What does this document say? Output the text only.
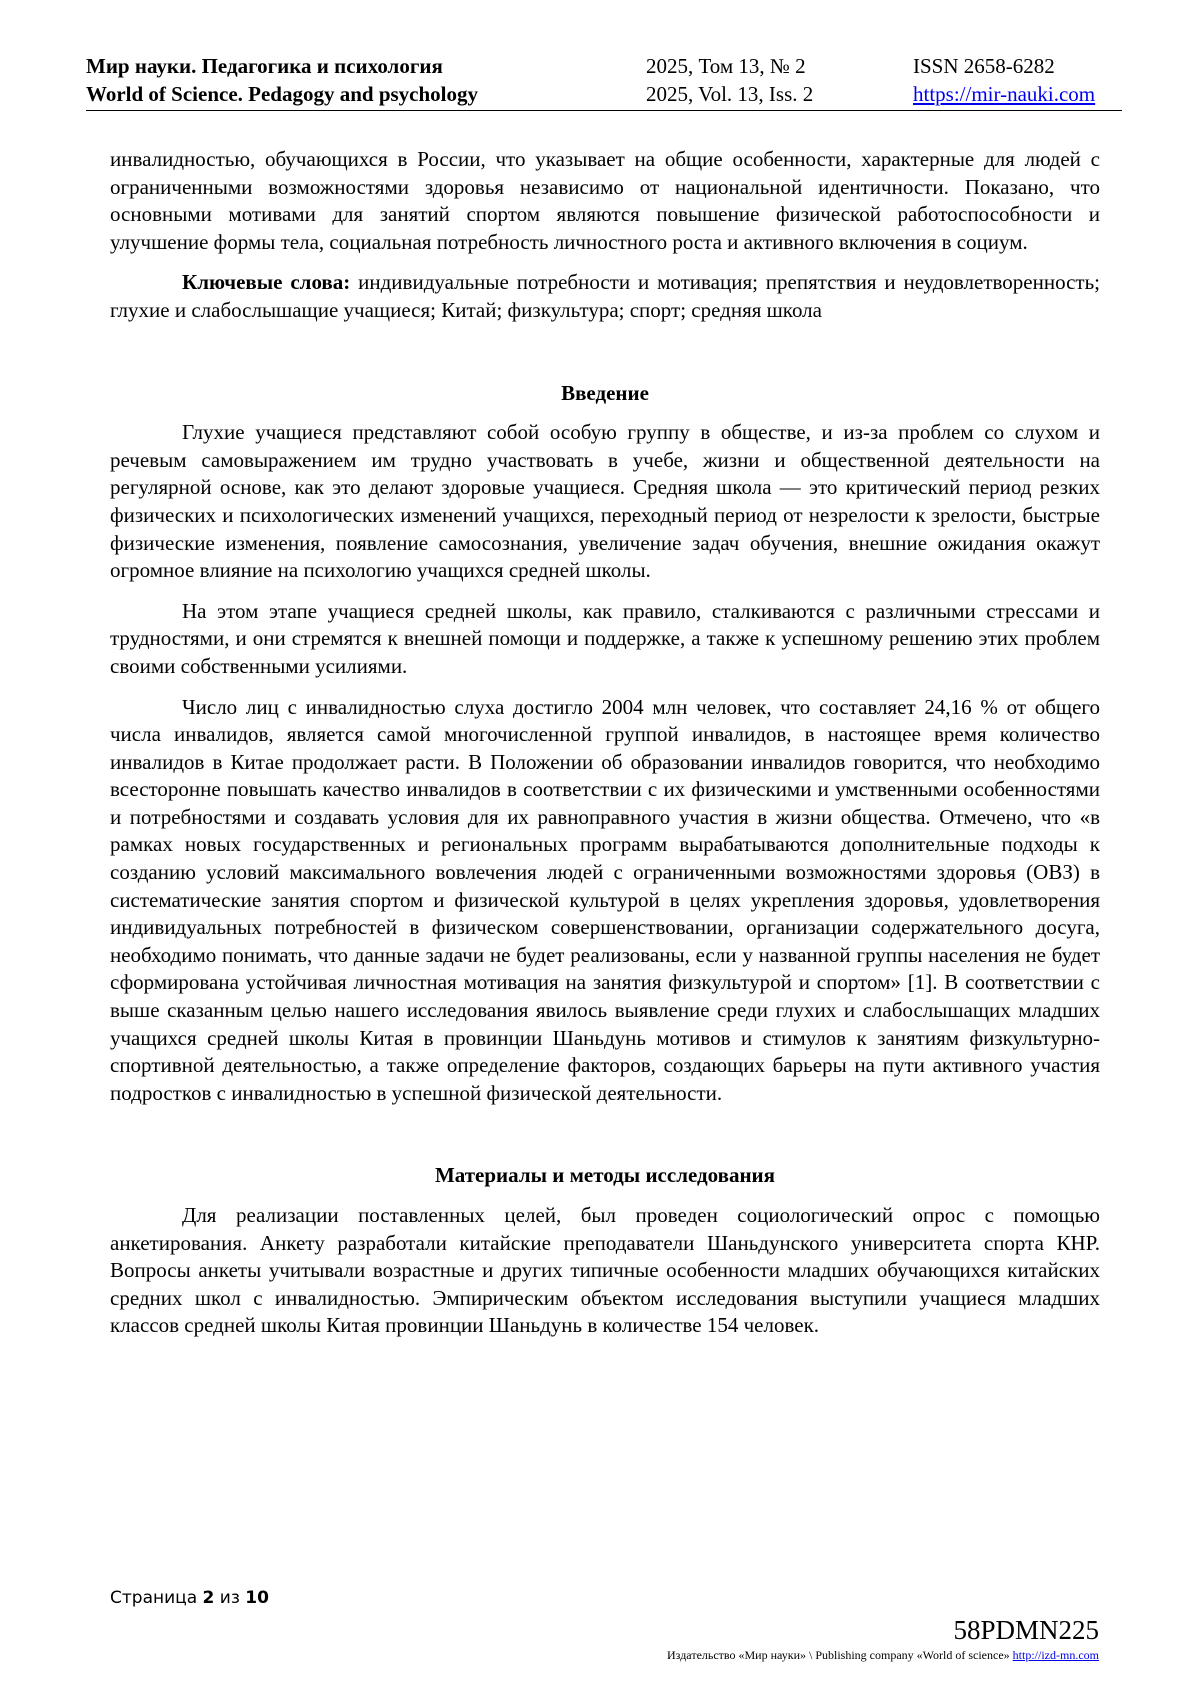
Мир науки. Педагогика и психология
World of Science. Pedagogy and psychology
2025, Том 13, № 2
2025, Vol. 13, Iss. 2
ISSN 2658-6282
https://mir-nauki.com

инвалидностью, обучающихся в России, что указывает на общие особенности, характерные для людей с ограниченными возможностями здоровья независимо от национальной идентичности. Показано, что основными мотивами для занятий спортом являются повышение физической работоспособности и улучшение формы тела, социальная потребность личностного роста и активного включения в социум.

Ключевые слова: индивидуальные потребности и мотивация; препятствия и неудовлетворенность; глухие и слабослышащие учащиеся; Китай; физкультура; спорт; средняя школа

Введение

Глухие учащиеся представляют собой особую группу в обществе, и из-за проблем со слухом и речевым самовыражением им трудно участвовать в учебе, жизни и общественной деятельности на регулярной основе, как это делают здоровые учащиеся. Средняя школа — это критический период резких физических и психологических изменений учащихся, переходный период от незрелости к зрелости, быстрые физические изменения, появление самосознания, увеличение задач обучения, внешние ожидания окажут огромное влияние на психологию учащихся средней школы.

На этом этапе учащиеся средней школы, как правило, сталкиваются с различными стрессами и трудностями, и они стремятся к внешней помощи и поддержке, а также к успешному решению этих проблем своими собственными усилиями.

Число лиц с инвалидностью слуха достигло 2004 млн человек, что составляет 24,16 % от общего числа инвалидов, является самой многочисленной группой инвалидов, в настоящее время количество инвалидов в Китае продолжает расти. В Положении об образовании инвалидов говорится, что необходимо всесторонне повышать качество инвалидов в соответствии с их физическими и умственными особенностями и потребностями и создавать условия для их равноправного участия в жизни общества. Отмечено, что «в рамках новых государственных и региональных программ вырабатываются дополнительные подходы к созданию условий максимального вовлечения людей с ограниченными возможностями здоровья (ОВЗ) в систематические занятия спортом и физической культурой в целях укрепления здоровья, удовлетворения индивидуальных потребностей в физическом совершенствовании, организации содержательного досуга, необходимо понимать, что данные задачи не будет реализованы, если у названной группы населения не будет сформирована устойчивая личностная мотивация на занятия физкультурой и спортом» [1]. В соответствии с выше сказанным целью нашего исследования явилось выявление среди глухих и слабослышащих младших учащихся средней школы Китая в провинции Шаньдунь мотивов и стимулов к занятиям физкультурно-спортивной деятельностью, а также определение факторов, создающих барьеры на пути активного участия подростков с инвалидностью в успешной физической деятельности.

Материалы и методы исследования

Для реализации поставленных целей, был проведен социологический опрос с помощью анкетирования. Анкету разработали китайские преподаватели Шаньдунского университета спорта КНР. Вопросы анкеты учитывали возрастные и других типичные особенности младших обучающихся китайских средних школ с инвалидностью. Эмпирическим объектом исследования выступили учащиеся младших классов средней школы Китая провинции Шаньдунь в количестве 154 человек.

Страница 2 из 10
58PDMN225
Издательство «Мир науки» \ Publishing company «World of science» http://izd-mn.com
